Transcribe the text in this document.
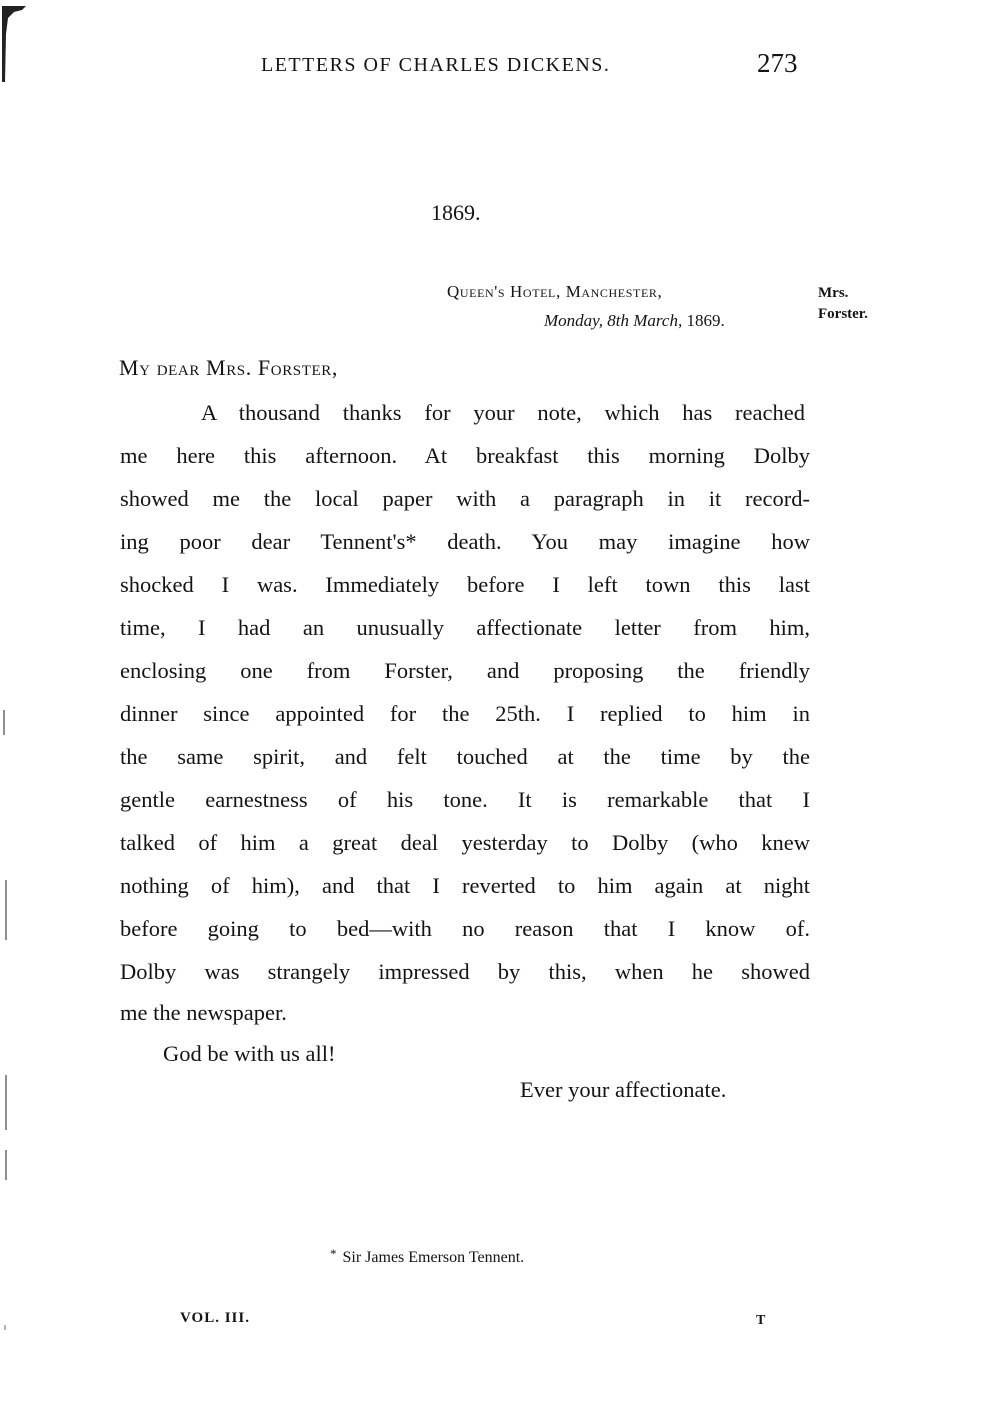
LETTERS OF CHARLES DICKENS.	273
1869.
Queen's Hotel, Manchester,
Monday, 8th March, 1869.
Mrs. Forster.
My dear Mrs. Forster,
A thousand thanks for your note, which has reached
me here this afternoon. At breakfast this morning Dolby
showed me the local paper with a paragraph in it record-
ing poor dear Tennent's* death. You may imagine how
shocked I was. Immediately before I left town this last
time, I had an unusually affectionate letter from him,
enclosing one from Forster, and proposing the friendly
dinner since appointed for the 25th. I replied to him in
the same spirit, and felt touched at the time by the
gentle earnestness of his tone. It is remarkable that I
talked of him a great deal yesterday to Dolby (who knew
nothing of him), and that I reverted to him again at night
before going to bed—with no reason that I know of.
Dolby was strangely impressed by this, when he showed
me the newspaper.
God be with us all!
Ever your affectionate.
* Sir James Emerson Tennent.
VOL. III.	T
